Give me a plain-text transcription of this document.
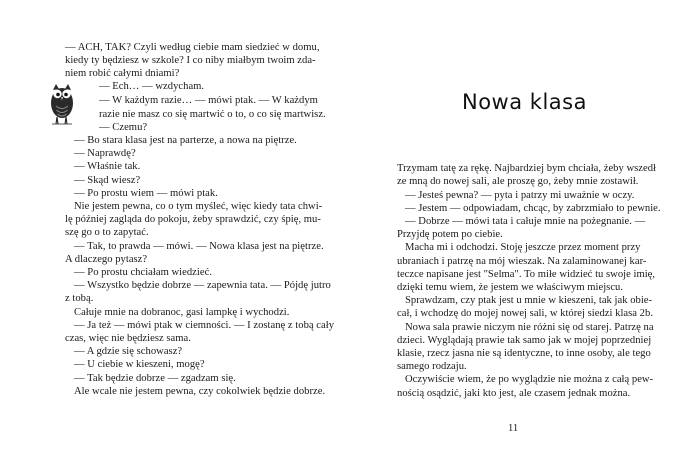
— ACH, TAK? Czyli według ciebie mam siedzieć w domu,
kiedy ty będziesz w szkole? I co niby miałbym twoim zda-
niem robić całymi dniami?
— Ech… — wzdycham.
— W każdym razie… — mówi ptak. — W każdym
razie nie masz co się martwić o to, o co się martwisz.
— Czemu?
— Bo stara klasa jest na parterze, a nowa na piętrze.
— Naprawdę?
— Właśnie tak.
— Skąd wiesz?
— Po prostu wiem — mówi ptak.
Nie jestem pewna, co o tym myśleć, więc kiedy tata chwi-
lę później zagląda do pokoju, żeby sprawdzić, czy śpię, mu-
szę go o to zapytać.
— Tak, to prawda — mówi. — Nowa klasa jest na piętrze.
A dlaczego pytasz?
— Po prostu chciałam wiedzieć.
— Wszystko będzie dobrze — zapewnia tata. — Pójdę jutro
z tobą.
Całuje mnie na dobranoc, gasi lampkę i wychodzi.
— Ja też — mówi ptak w ciemności. — I zostanę z tobą cały
czas, więc nie będziesz sama.
— A gdzie się schowasz?
— U ciebie w kieszeni, mogę?
— Tak będzie dobrze — zgadzam się.
Ale wcale nie jestem pewna, czy cokolwiek będzie dobrze.
Nowa klasa
Trzymam tatę za rękę. Najbardziej bym chciała, żeby wszedł
ze mną do nowej sali, ale proszę go, żeby mnie zostawił.
— Jesteś pewna? — pyta i patrzy mi uważnie w oczy.
— Jestem — odpowiadam, chcąc, by zabrzmiało to pewnie.
— Dobrze — mówi tata i całuje mnie na pożegnanie. —
Przyjdę potem po ciebie.
Macha mi i odchodzi. Stoję jeszcze przez moment przy
ubraniach i patrzę na mój wieszak. Na zalaminowanej kar-
teczce napisane jest "Selma". To miłe widzieć tu swoje imię,
dzięki temu wiem, że jestem we właściwym miejscu.
Sprawdzam, czy ptak jest u mnie w kieszeni, tak jak obie-
cał, i wchodzę do mojej nowej sali, w której siedzi klasa 2b.
Nowa sala prawie niczym nie różni się od starej. Patrzę na
dzieci. Wyglądają prawie tak samo jak w mojej poprzedniej
klasie, rzecz jasna nie są identyczne, to inne osoby, ale tego
samego rodzaju.
Oczywiście wiem, że po wyglądzie nie można z całą pew-
nością osądzić, jaki kto jest, ale czasem jednak można.
11
